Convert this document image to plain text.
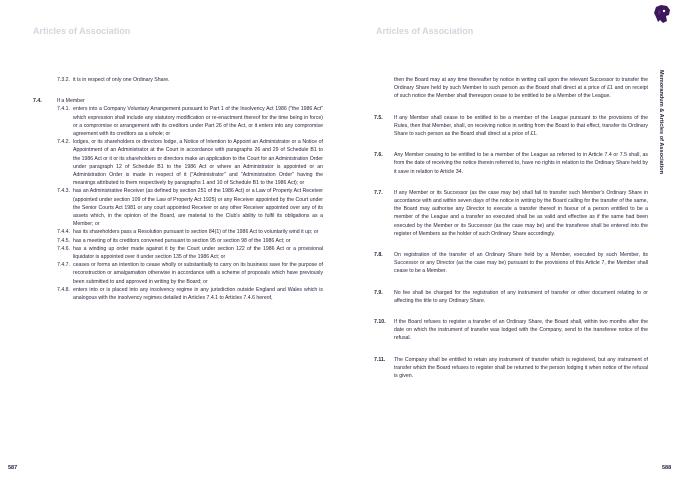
Articles of Association	Articles of Association
Memorandum & Articles of Association
7.3.2. it is in respect of only one Ordinary Share.
7.4.	If a Member
7.4.1. enters into a Company Voluntary Arrangement pursuant to Part 1 of the Insolvency Act 1986 ("the 1986 Act" which expression shall include any statutory modification or re-enactment thereof for the time being in force) or a compromise or arrangement with its creditors under Part 26 of the Act, or it enters into any compromise agreement with its creditors as a whole; or
7.4.2. lodges, or its shareholders or directors lodge, a Notice of Intention to Appoint an Administrator or a Notice of Appointment of an Administrator at the Court in accordance with paragraphs 26 and 29 of Schedule B1 to the 1986 Act or it or its shareholders or directors make an application to the Court for an Administration Order under paragraph 12 of Schedule B1 to the 1986 Act or where an Administrator is appointed or an Administration Order is made in respect of it ("Administrator" and "Administration Order" having the meanings attributed to them respectively by paragraphs 1 and 10 of Schedule B1 to the 1986 Act); or
7.4.3. has an Administrative Receiver (as defined by section 251 of the 1986 Act) or a Law of Property Act Receiver (appointed under section 109 of the Law of Property Act 1925) or any Receiver appointed by the Court under the Senior Courts Act 1981 or any court appointed Receiver or any other Receiver appointed over any of its assets which, in the opinion of the Board, are material to the Club's ability to fulfil its obligations as a Member; or
7.4.4. has its shareholders pass a Resolution pursuant to section 84(1) of the 1986 Act to voluntarily wind it up; or
7.4.5. has a meeting of its creditors convened pursuant to section 95 or section 98 of the 1986 Act; or
7.4.6. has a winding up order made against it by the Court under section 122 of the 1986 Act or a provisional liquidator is appointed over it under section 135 of the 1986 Act; or
7.4.7. ceases or forms an intention to cease wholly or substantially to carry on its business save for the purpose of reconstruction or amalgamation otherwise in accordance with a scheme of proposals which have previously been submitted to and approved in writing by the Board; or
7.4.8. enters into or is placed into any insolvency regime in any jurisdiction outside England and Wales which is analogous with the insolvency regimes detailed in Articles 7.4.1 to Articles 7.4.6 hereof,
then the Board may at any time thereafter by notice in writing call upon the relevant Successor to transfer the Ordinary Share held by such Member to such person as the Board shall direct at a price of £1 and on receipt of such notice the Member shall thereupon cease to be entitled to be a Member of the League.
7.5. If any Member shall cease to be entitled to be a member of the League pursuant to the provisions of the Rules, then that Member, shall, on receiving notice in writing from the Board to that effect, transfer its Ordinary Share to such person as the Board shall direct at a price of £1.
7.6. Any Member ceasing to be entitled to be a member of the League as referred to in Article 7.4 or 7.5 shall, as from the date of receiving the notice therein referred to, have no rights in relation to the Ordinary Share held by it save in relation to Article 34.
7.7. If any Member or its Successor (as the case may be) shall fail to transfer such Member's Ordinary Share in accordance with and within seven days of the notice in writing by the Board calling for the transfer of the same, the Board may authorise any Director to execute a transfer thereof in favour of a person entitled to be a member of the League and a transfer so executed shall be as valid and effective as if the same had been executed by the Member or its Successor (as the case may be) and the transferee shall be entered into the register of Members as the holder of such Ordinary Share accordingly.
7.8. On registration of the transfer of an Ordinary Share held by a Member, executed by such Member, its Successor or any Director (as the case may be) pursuant to the provisions of this Article 7, the Member shall cease to be a Member.
7.9. No fee shall be charged for the registration of any instrument of transfer or other document relating to or affecting the title to any Ordinary Share.
7.10. If the Board refuses to register a transfer of an Ordinary Share, the Board shall, within two months after the date on which the instrument of transfer was lodged with the Company, send to the transferee notice of the refusal.
7.11. The Company shall be entitled to retain any instrument of transfer which is registered, but any instrument of transfer which the Board refuses to register shall be returned to the person lodging it when notice of the refusal is given.
587	588
